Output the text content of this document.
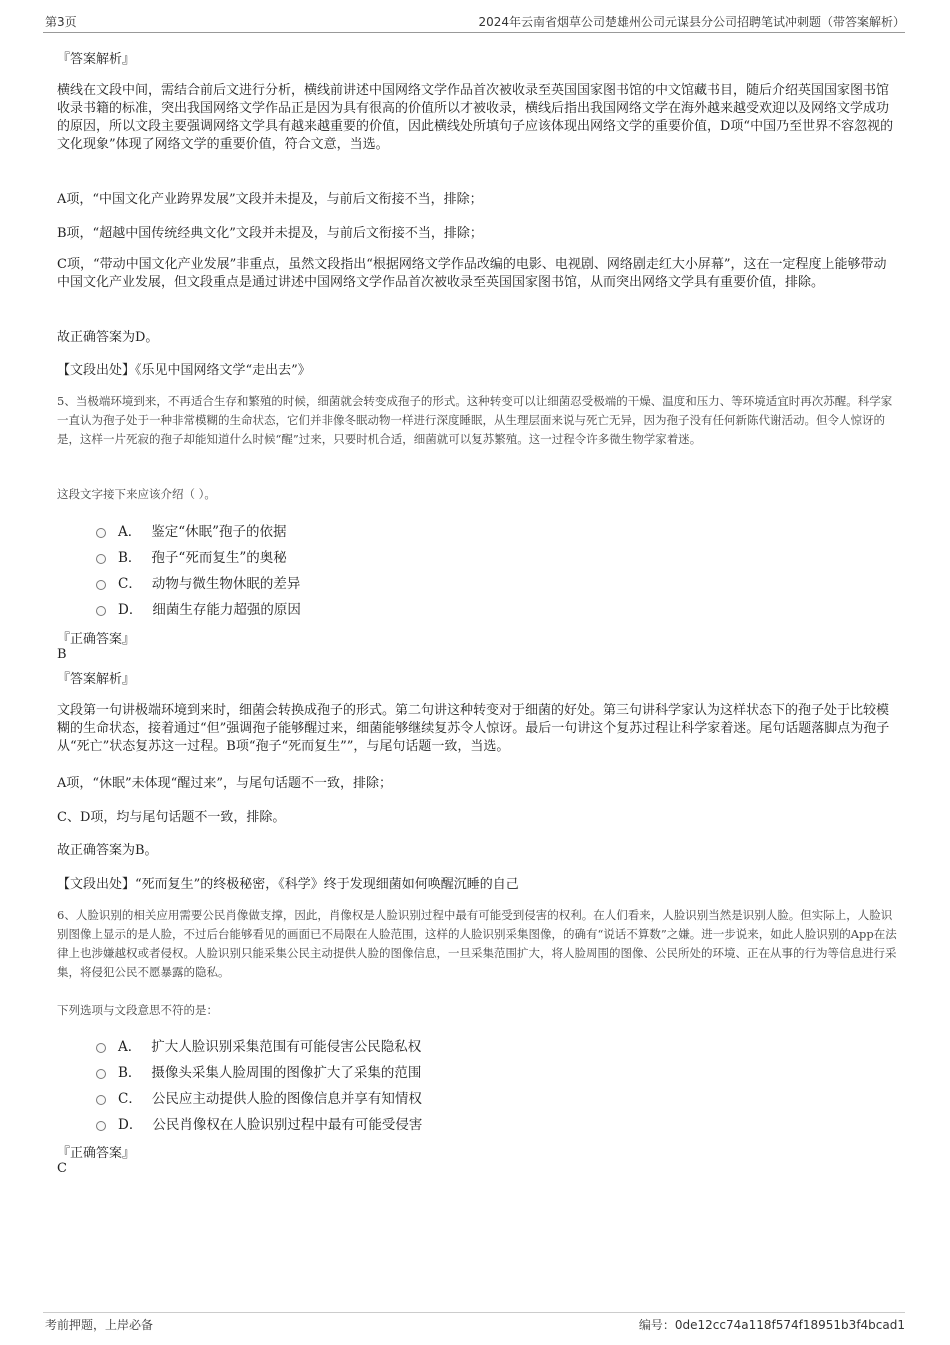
第3页	2024年云南省烟草公司楚雄州公司元谋县分公司招聘笔试冲刺题（带答案解析）
『答案解析』
横线在文段中间，需结合前后文进行分析，横线前讲述中国网络文学作品首次被收录至英国国家图书馆的中文馆藏书目，随后介绍英国国家图书馆收录书籍的标准，突出我国网络文学作品正是因为具有很高的价值所以才被收录，横线后指出我国网络文学在海外越来越受欢迎以及网络文学成功的原因，所以文段主要强调网络文学具有越来越重要的价值，因此横线处所填句子应该体现出网络文学的重要价值，D项“中国乃至世界不容忽视的文化现象”体现了网络文学的重要价值，符合文意，当选。
A项，“中国文化产业跨界发展”文段并未提及，与前后文衔接不当，排除；
B项，“超越中国传统经典文化”文段并未提及，与前后文衔接不当，排除；
C项，“带动中国文化产业发展”非重点，虽然文段指出“根据网络文学作品改编的电影、电视剧、网络剧走红大小屏幕”，这在一定程度上能够带动中国文化产业发展，但文段重点是通过讲述中国网络文学作品首次被收录至英国国家图书馆，从而突出网络文学具有重要价值，排除。
故正确答案为D。
【文段出处】《乐见中国网络文学“走出去”》
5、当极端环境到来，不再适合生存和繁殖的时候，细菌就会转变成孢子的形式。这种转变可以让细菌忍受极端的干燥、温度和压力、等环境适宜时再次苏醒。科学家一直认为孢子处于一种非常模糊的生命状态，它们并非像冬眠动物一样进行深度睡眠，从生理层面来说与死亡无异，因为孢子没有任何新陈代谢活动。但令人惊讶的是，这样一片死寂的孢子却能知道什么时候“醒”过来，只要时机合适，细菌就可以复苏繁殖。这一过程令许多微生物学家着迷。
这段文字接下来应该介绍（ ）。
A． 鉴定“休眠”孢子的依据
B． 孢子“死而复生”的奥秘
C． 动物与微生物休眠的差异
D． 细菌生存能力超强的原因
『正确答案』
B
『答案解析』
文段第一句讲极端环境到来时，细菌会转换成孢子的形式。第二句讲这种转变对于细菌的好处。第三句讲科学家认为这样状态下的孢子处于比较模糊的生命状态，接着通过“但”强调孢子能够醒过来，细菌能够继续复苏令人惊讶。最后一句讲这个复苏过程让科学家着迷。尾句话题落脚点为孢子从“死亡”状态复苏这一过程。B项“孢子“死而复生””，与尾句话题一致，当选。
A项，“休眠”未体现“醒过来”，与尾句话题不一致，排除；
C、D项，均与尾句话题不一致，排除。
故正确答案为B。
【文段出处】“死而复生”的终极秘密，《科学》终于发现细菌如何唤醒沉睡的自己
6、人脸识别的相关应用需要公民肖像做支撑，因此，肖像权是人脸识别过程中最有可能受到侵害的权利。在人们看来，人脸识别当然是识别人脸。但实际上，人脸识别图像上显示的是人脸，不过后台能够看见的画面已不局限在人脸范围，这样的人脸识别采集图像，的确有“说话不算数”之嫌。进一步说来，如此人脸识别的App在法律上也涉嫌越权或者侵权。人脸识别只能采集公民主动提供人脸的图像信息，一旦采集范围扩大，将人脸周围的图像、公民所处的环境、正在从事的行为等信息进行采集，将侵犯公民不愿暴露的隐私。
下列选项与文段意思不符的是：
A． 扩大人脸识别采集范围有可能侵害公民隐私权
B． 摄像头采集人脸周围的图像扩大了采集的范围
C． 公民应主动提供人脸的图像信息并享有知情权
D． 公民肖像权在人脸识别过程中最有可能受侵害
『正确答案』
C
考前押题，上岸必备	编号：0de12cc74a118f574f18951b3f4bcad1
